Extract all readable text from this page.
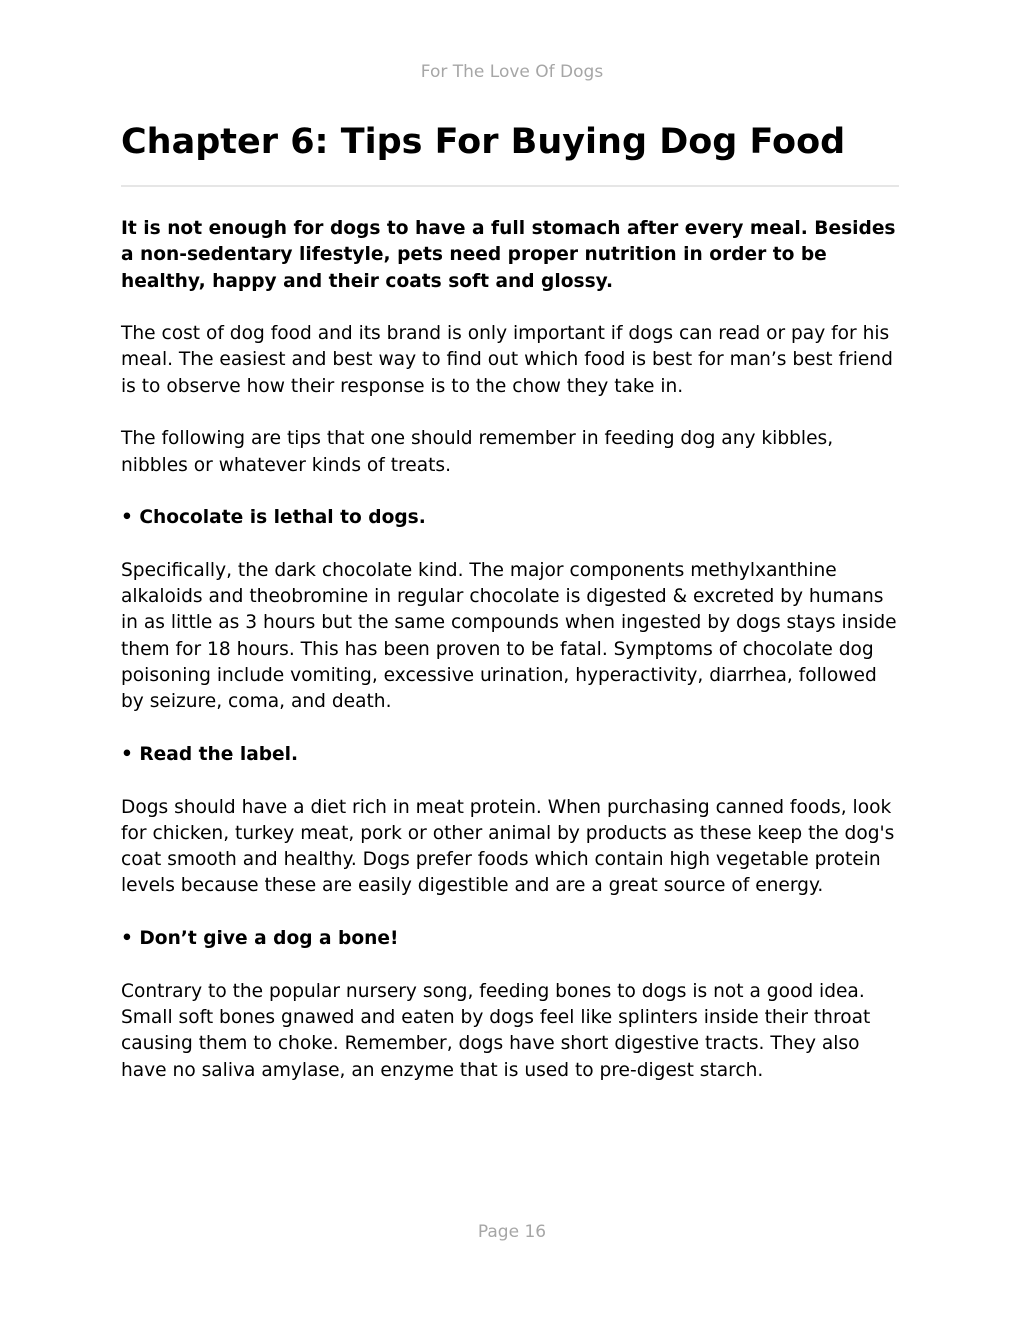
For The Love Of Dogs
Chapter 6: Tips For Buying Dog Food

It is not enough for dogs to have a full stomach after every meal. Besides a non-sedentary lifestyle, pets need proper nutrition in order to be healthy, happy and their coats soft and glossy.

The cost of dog food and its brand is only important if dogs can read or pay for his meal. The easiest and best way to find out which food is best for man’s best friend is to observe how their response is to the chow they take in.

The following are tips that one should remember in feeding dog any kibbles, nibbles or whatever kinds of treats.

• Chocolate is lethal to dogs.

Specifically, the dark chocolate kind. The major components methylxanthine alkaloids and theobromine in regular chocolate is digested & excreted by humans in as little as 3 hours but the same compounds when ingested by dogs stays inside them for 18 hours. This has been proven to be fatal. Symptoms of chocolate dog poisoning include vomiting, excessive urination, hyperactivity, diarrhea, followed by seizure, coma, and death.

• Read the label.

Dogs should have a diet rich in meat protein. When purchasing canned foods, look for chicken, turkey meat, pork or other animal by products as these keep the dog's coat smooth and healthy. Dogs prefer foods which contain high vegetable protein levels because these are easily digestible and are a great source of energy.

• Don’t give a dog a bone!

Contrary to the popular nursery song, feeding bones to dogs is not a good idea. Small soft bones gnawed and eaten by dogs feel like splinters inside their throat causing them to choke. Remember, dogs have short digestive tracts. They also have no saliva amylase, an enzyme that is used to pre-digest starch.

Page 16
